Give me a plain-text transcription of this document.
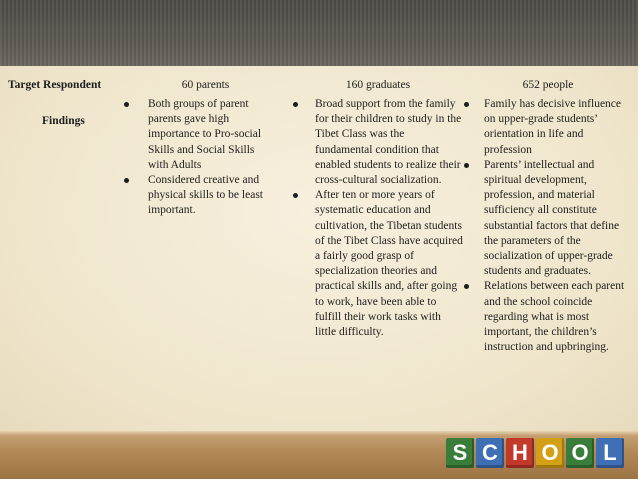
S C H O O L
Target Respondent
Findings
60 parents
Both groups of parent parents gave high importance to Pro-social Skills and Social Skills with Adults
Considered creative and physical skills to be least important.
160 graduates
Broad support from the family for their children to study in the Tibet Class was the fundamental condition that enabled students to realize their cross-cultural socialization.
After ten or more years of systematic education and cultivation, the Tibetan students of the Tibet Class have acquired a fairly good grasp of specialization theories and practical skills and, after going to work, have been able to fulfill their work tasks with little difficulty.
652 people
Family has decisive influence on upper-grade students’ orientation in life and profession
Parents’ intellectual and spiritual development, profession, and material sufficiency all constitute substantial factors that define the parameters of the socialization of upper-grade students and graduates.
Relations between each parent and the school coincide regarding what is most important, the children’s instruction and upbringing.
